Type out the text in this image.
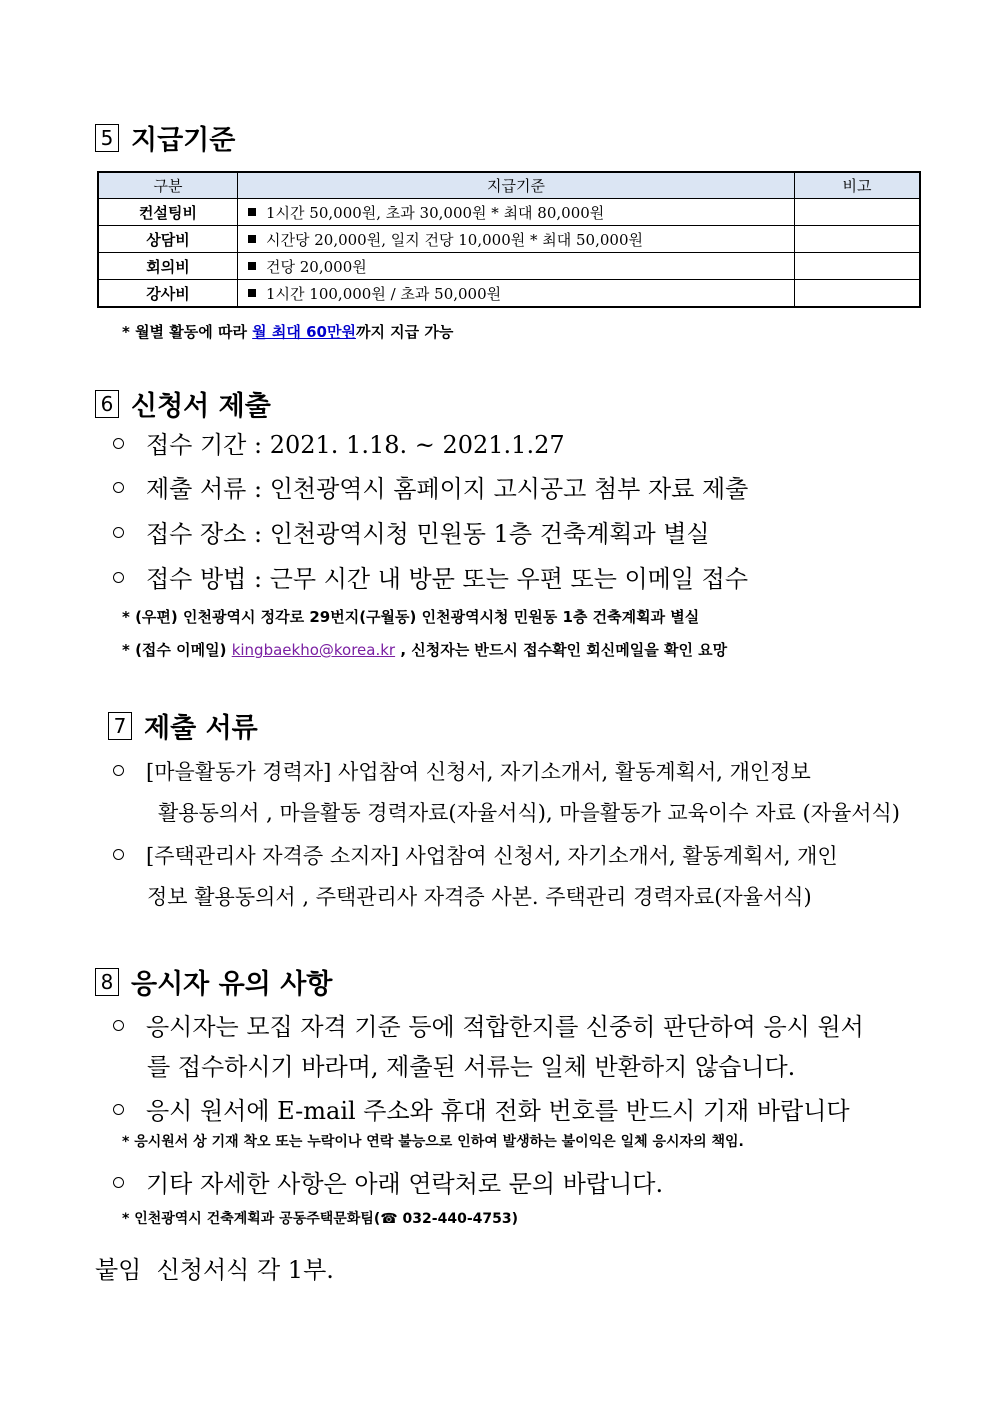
5 지급기준
구분	지급기준	비고
컨설팅비	1시간 50,000원, 초과 30,000원 * 최대 80,000원	
상담비	시간당 20,000원, 일지 건당 10,000원 * 최대 50,000원	
회의비	건당 20,000원	
강사비	1시간 100,000원 / 초과 50,000원	
* 월별 활동에 따라 월 최대 60만원까지 지급 가능
6 신청서 제출
접수 기간 : 2021. 1.18. ~ 2021.1.27
제출 서류 : 인천광역시 홈페이지 고시공고 첨부 자료 제출
접수 장소 : 인천광역시청 민원동 1층 건축계획과 별실
접수 방법 : 근무 시간 내 방문 또는 우편 또는 이메일 접수
* (우편) 인천광역시 정각로 29번지(구월동) 인천광역시청 민원동 1층 건축계획과 별실
* (접수 이메일) kingbaekho@korea.kr , 신청자는 반드시 접수확인 회신메일을 확인 요망
7 제출 서류
[마을활동가 경력자] 사업참여 신청서, 자기소개서, 활동계획서, 개인정보
활용동의서 , 마을활동 경력자료(자율서식), 마을활동가 교육이수 자료 (자율서식)
[주택관리사 자격증 소지자] 사업참여 신청서, 자기소개서, 활동계획서, 개인
정보 활용동의서 , 주택관리사 자격증 사본. 주택관리 경력자료(자율서식)
8 응시자 유의 사항
응시자는 모집 자격 기준 등에 적합한지를 신중히 판단하여 응시 원서
를 접수하시기 바라며, 제출된 서류는 일체 반환하지 않습니다.
응시 원서에 E-mail 주소와 휴대 전화 번호를 반드시 기재 바랍니다
* 응시원서 상 기재 착오 또는 누락이나 연락 불능으로 인하여 발생하는 불이익은 일체 응시자의 책임.
기타 자세한 사항은 아래 연락처로 문의 바랍니다.
* 인천광역시 건축계획과 공동주택문화팀(☎ 032-440-4753)
붙임  신청서식 각 1부.
